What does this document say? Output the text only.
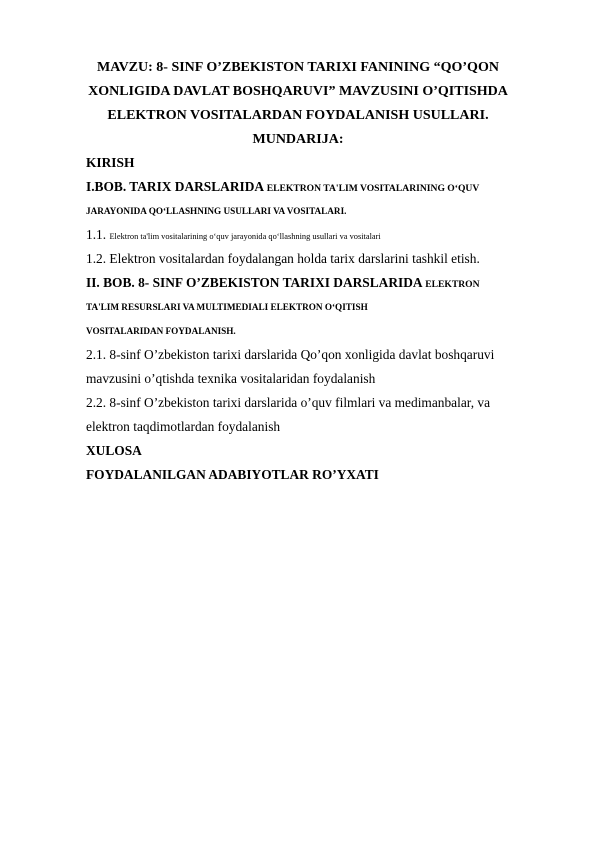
MAVZU: 8- SINF O’ZBEKISTON TARIXI FANINING “QO’QON
XONLIGIDA DAVLAT BOSHQARUVI” MAVZUSINI O’QITISHDA
ELEKTRON VOSITALARDAN FOYDALANISH USULLARI.
MUNDARIJA:
KIRISH
I.BOB. TARIX DARSLARIDA ELEKTRON TA'LIM VOSITALARINING O‘QUV
JARAYONIDA QO‘LLASHNING USULLARI VA VOSITALARI.
1.1. Elektron ta'lim vositalarining o‘quv jarayonida qo‘llashning usullari va vositalari
1.2. Elektron vositalardan foydalangan holda tarix darslarini tashkil etish.
II. BOB. 8- SINF O’ZBEKISTON TARIXI DARSLARIDA ELEKTRON
TA'LIM RESURSLARI VA MULTIMEDIALI ELEKTRON O‘QITISH
VOSITALARIDAN FOYDALANISH.
2.1. 8-sinf O’zbekiston tarixi darslarida Qo’qon xonligida davlat boshqaruvi
mavzusini o’qtishda texnika vositalaridan foydalanish
2.2. 8-sinf O’zbekiston tarixi darslarida o’quv filmlari va medimanbalar, va
elektron taqdimotlardan foydalanish
XULOSA
FOYDALANILGAN ADABIYOTLAR RO’YXATI
